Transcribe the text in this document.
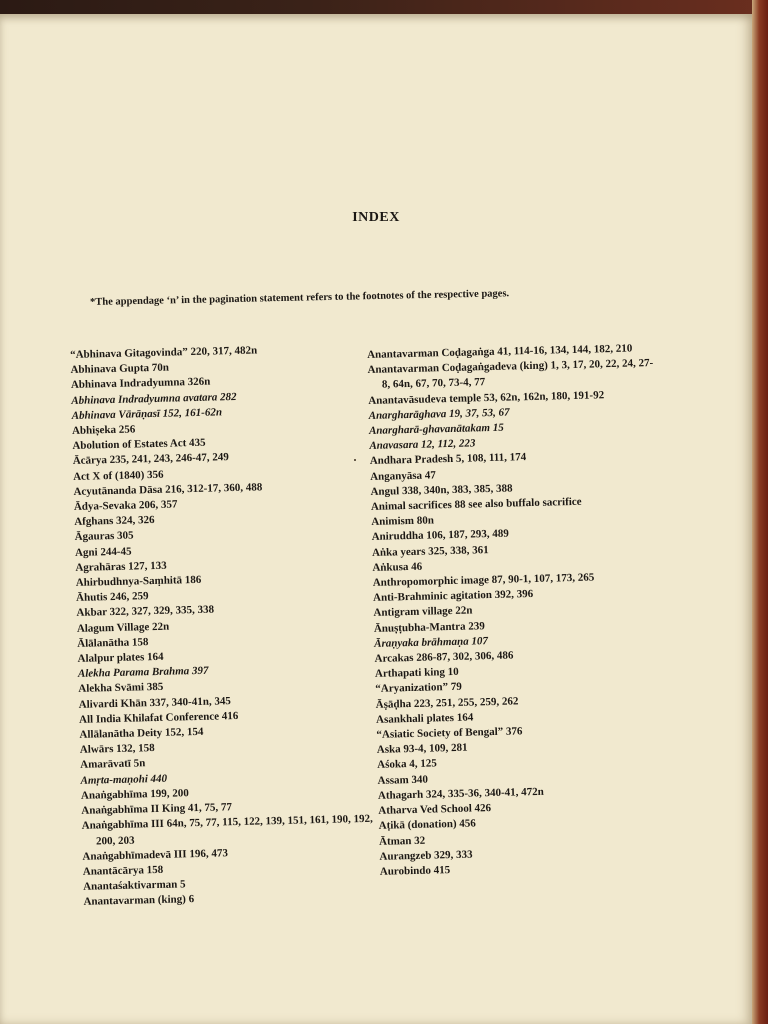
INDEX
*The appendage ‘n’ in the pagination statement refers to the footnotes of the respective pages.
“Abhinava Gitagovinda” 220, 317, 482n
Abhinava Gupta 70n
Abhinava Indradyumna 326n
Abhinava Indradyumna avatara 282
Abhinava Vārāṇasī 152, 161-62n
Abhiṣeka 256
Abolution of Estates Act 435
Ācārya 235, 241, 243, 246-47, 249
Act X of (1840) 356
Acyutānanda Dāsa 216, 312-17, 360, 488
Ādya-Sevaka 206, 357
Afghans 324, 326
Āgauras 305
Agni 244-45
Agrahāras 127, 133
Ahirbudhnya-Saṃhitā 186
Āhutis 246, 259
Akbar 322, 327, 329, 335, 338
Alagum Village 22n
Ālālanātha 158
Alalpur plates 164
Alekha Parama Brahma 397
Alekha Svāmi 385
Alivardi Khān 337, 340-41n, 345
All India Khilafat Conference 416
Allālanātha Deity 152, 154
Alwārs 132, 158
Amarāvatī 5n
Amṛta-maṇohi 440
Anaṅgabhīma 199, 200
Anaṅgabhīma II King 41, 75, 77
Anaṅgabhīma III 64n, 75, 77, 115, 122, 139, 151, 161, 190, 192, 200, 203
Anaṅgabhīmadevā III 196, 473
Anantācārya 158
Anantaśaktivarman 5
Anantavarman (king) 6
Anantavarman Coḍagaṅga 41, 114-16, 134, 144, 182, 210
Anantavarman Coḍagaṅgadeva (king) 1, 3, 17, 20, 22, 24, 27-8, 64n, 67, 70, 73-4, 77
Anantavāsudeva temple 53, 62n, 162n, 180, 191-92
Anargharāghava 19, 37, 53, 67
Anargharā-ghavanātakam 15
Anavasara 12, 112, 223
Andhara Pradesh 5, 108, 111, 174
Anganyāsa 47
Angul 338, 340n, 383, 385, 388
Animal sacrifices 88 see also buffalo sacrifice
Animism 80n
Aniruddha 106, 187, 293, 489
Aṅka years 325, 338, 361
Aṅkusa 46
Anthropomorphic image 87, 90-1, 107, 173, 265
Anti-Brahminic agitation 392, 396
Antigram village 22n
Ānuṣṭubha-Mantra 239
Āraṇyaka brāhmaṇa 107
Arcakas 286-87, 302, 306, 486
Arthapati king 10
“Aryanization” 79
Āṣāḍha 223, 251, 255, 259, 262
Asankhali plates 164
“Asiatic Society of Bengal” 376
Aska 93-4, 109, 281
Aśoka 4, 125
Assam 340
Athagarh 324, 335-36, 340-41, 472n
Atharva Ved School 426
Aṭikā (donation) 456
Ātman 32
Aurangzeb 329, 333
Aurobindo 415
